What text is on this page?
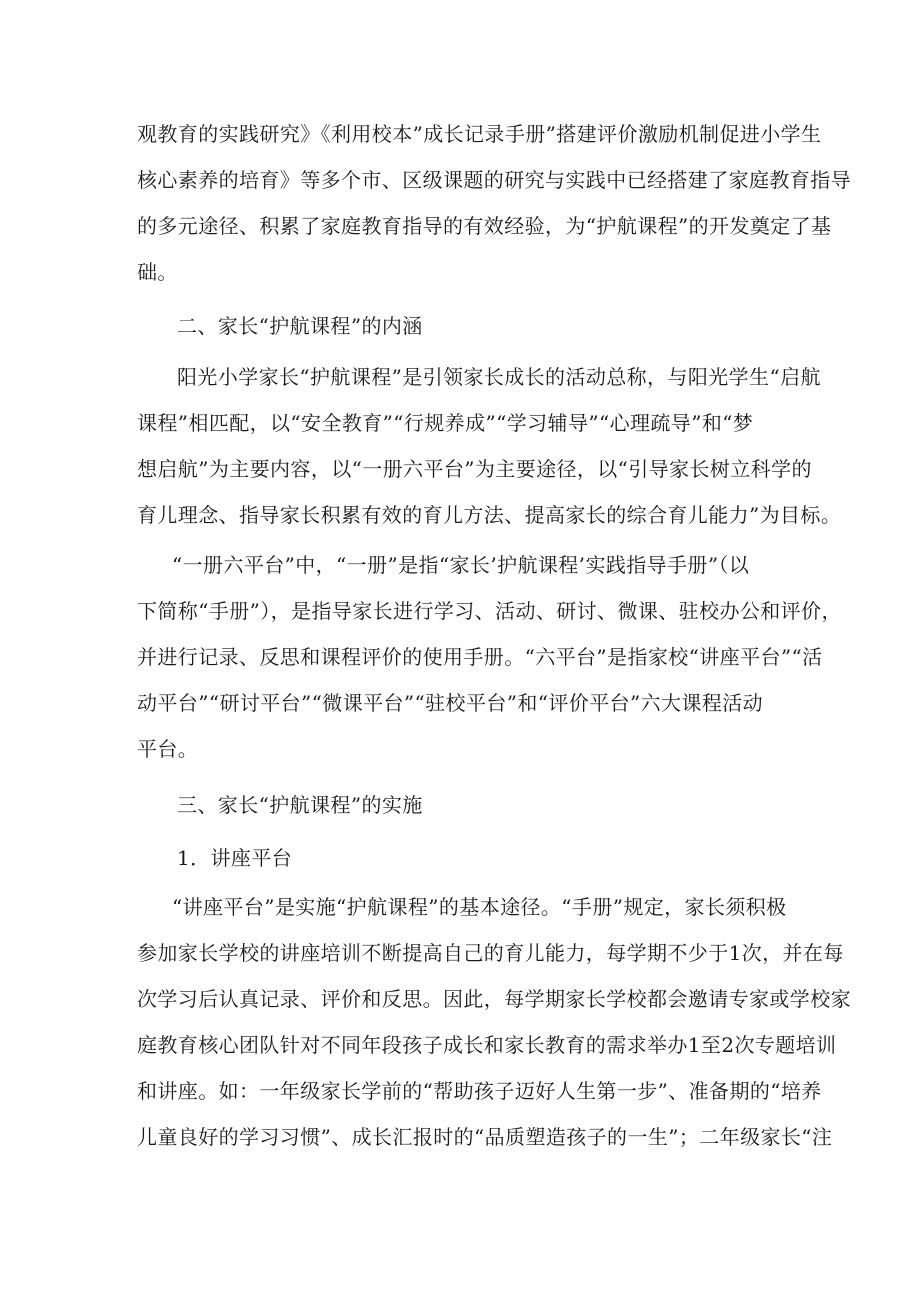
观教育的实践研究》《利用校本”成长记录手册”搭建评价激励机制促进小学生
核心素养的培育》等多个市、区级课题的研究与实践中已经搭建了家庭教育指导
的多元途径、积累了家庭教育指导的有效经验，为“护航课程”的开发奠定了基
础。
二、家长“护航课程”的内涵
阳光小学家长“护航课程”是引领家长成长的活动总称，与阳光学生“启航
课程”相匹配，以“安全教育”“行规养成”“学习辅导”“心理疏导”和“梦
想启航”为主要内容，以“一册六平台”为主要途径，以“引导家长树立科学的
育儿理念、指导家长积累有效的育儿方法、提高家长的综合育儿能力”为目标。
“一册六平台”中，“一册”是指“家长’护航课程’实践指导手册”（以
下简称“手册”），是指导家长进行学习、活动、研讨、微课、驻校办公和评价，
并进行记录、反思和课程评价的使用手册。“六平台”是指家校“讲座平台”“活
动平台”“研讨平台”“微课平台”“驻校平台”和“评价平台”六大课程活动
平台。
三、家长“护航课程”的实施
1．讲座平台
“讲座平台”是实施“护航课程”的基本途径。“手册”规定，家长须积极
参加家长学校的讲座培训不断提高自己的育儿能力，每学期不少于1次，并在每
次学习后认真记录、评价和反思。因此，每学期家长学校都会邀请专家或学校家
庭教育核心团队针对不同年段孩子成长和家长教育的需求举办1至2次专题培训
和讲座。如：一年级家长学前的“帮助孩子迈好人生第一步”、准备期的“培养
儿童良好的学习习惯”、成长汇报时的“品质塑造孩子的一生”；二年级家长“注
